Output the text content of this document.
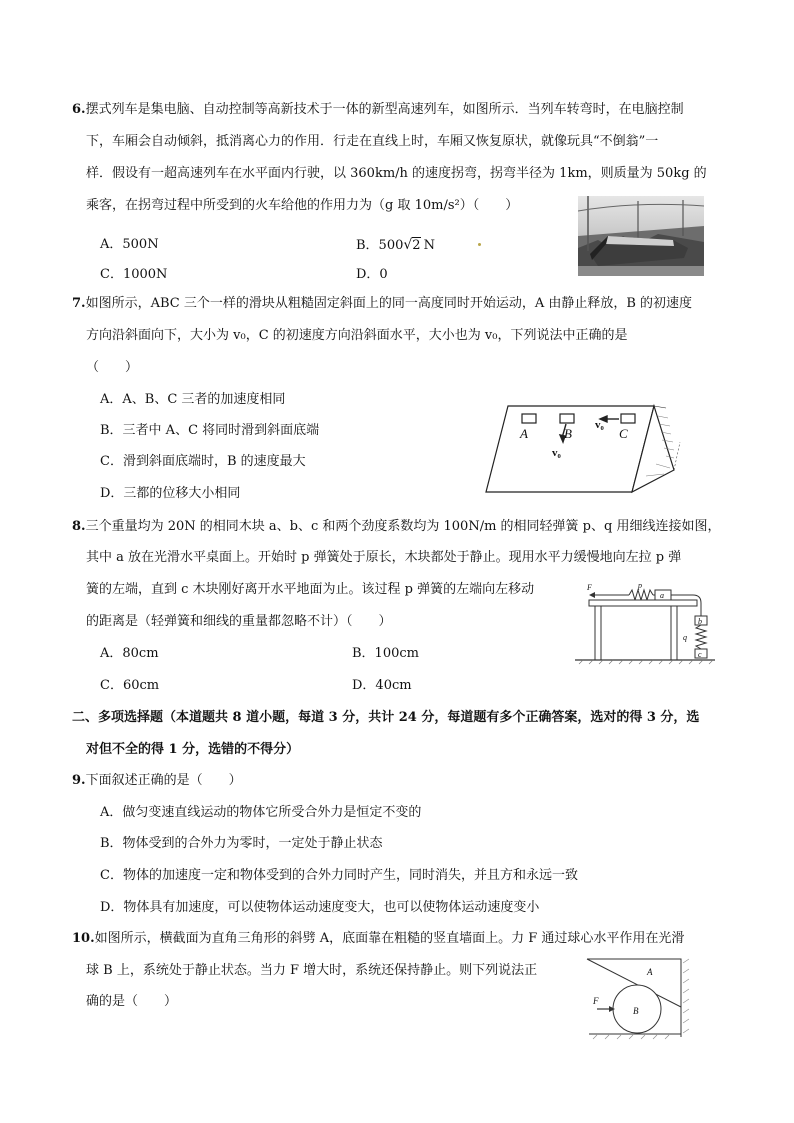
6.摆式列车是集电脑、自动控制等高新技术于一体的新型高速列车，如图所示．当列车转弯时，在电脑控制
下，车厢会自动倾斜，抵消离心力的作用．行走在直线上时，车厢又恢复原状，就像玩具“不倒翁”一
样．假设有一超高速列车在水平面内行驶，以 360km/h 的速度拐弯，拐弯半径为 1km，则质量为 50kg 的
乘客，在拐弯过程中所受到的火车给他的作用力为（g 取 10m/s²）（　　）
A．500N	B．500√2 N
C．1000N	D．0
7.如图所示，ABC 三个一样的滑块从粗糙固定斜面上的同一高度同时开始运动，A 由静止释放，B 的初速度
方向沿斜面向下，大小为 v₀，C 的初速度方向沿斜面水平，大小也为 v₀，下列说法中正确的是
（　　）
A．A、B、C 三者的加速度相同
B．三者中 A、C 将同时滑到斜面底端
C．滑到斜面底端时，B 的速度最大
D．三都的位移大小相同
A	B	C
v₀
v₀
8.三个重量均为 20N 的相同木块 a、b、c 和两个劲度系数均为 100N/m 的相同轻弹簧 p、q 用细线连接如图，
其中 a 放在光滑水平桌面上。开始时 p 弹簧处于原长，木块都处于静止。现用水平力缓慢地向左拉 p 弹
簧的左端，直到 c 木块刚好离开水平地面为止。该过程 p 弹簧的左端向左移动
的距离是（轻弹簧和细线的重量都忽略不计）（　　）
A．80cm	B．100cm
C．60cm	D．40cm
F	p
a
b
q
c
二、多项选择题（本道题共 8 道小题，每道 3 分，共计 24 分，每道题有多个正确答案，选对的得 3 分，选
对但不全的得 1 分，选错的不得分）
9.下面叙述正确的是（　　）
A．做匀变速直线运动的物体它所受合外力是恒定不变的
B．物体受到的合外力为零时，一定处于静止状态
C．物体的加速度一定和物体受到的合外力同时产生，同时消失，并且方和永远一致
D．物体具有加速度，可以使物体运动速度变大，也可以使物体运动速度变小
10.如图所示，横截面为直角三角形的斜劈 A，底面靠在粗糙的竖直墙面上。力 F 通过球心水平作用在光滑
球 B 上，系统处于静止状态。当力 F 增大时，系统还保持静止。则下列说法正
确的是（　　）
A
B
F
